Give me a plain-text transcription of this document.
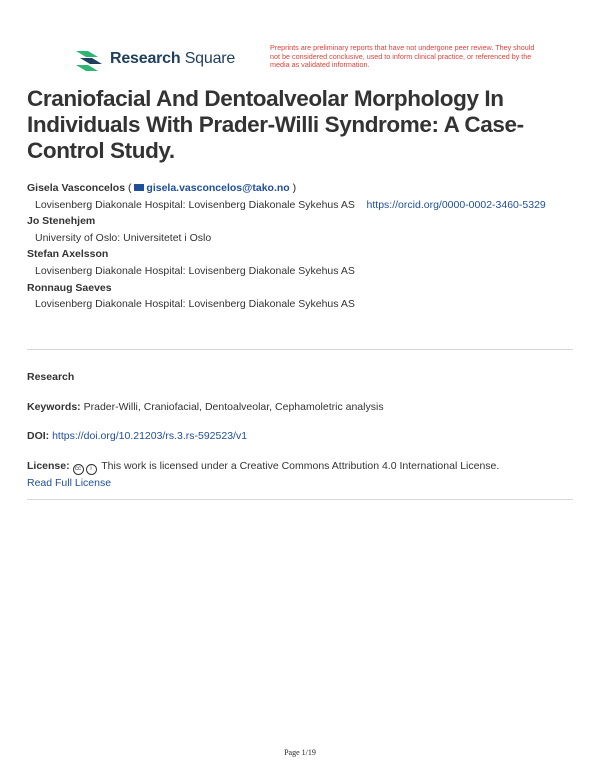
Research Square
Preprints are preliminary reports that have not undergone peer review. They should not be considered conclusive, used to inform clinical practice, or referenced by the media as validated information.
Craniofacial And Dentoalveolar Morphology In Individuals With Prader-Willi Syndrome: A Case-Control Study.
Gisela Vasconcelos ( gisela.vasconcelos@tako.no )
Lovisenberg Diakonale Hospital: Lovisenberg Diakonale Sykehus AS https://orcid.org/0000-0002-3460-5329
Jo Stenehjem
University of Oslo: Universitetet i Oslo
Stefan Axelsson
Lovisenberg Diakonale Hospital: Lovisenberg Diakonale Sykehus AS
Ronnaug Saeves
Lovisenberg Diakonale Hospital: Lovisenberg Diakonale Sykehus AS
Research
Keywords: Prader-Willi, Craniofacial, Dentoalveolar, Cephamoletric analysis
DOI: https://doi.org/10.21203/rs.3.rs-592523/v1
License: cc i This work is licensed under a Creative Commons Attribution 4.0 International License.
Read Full License
Page 1/19
